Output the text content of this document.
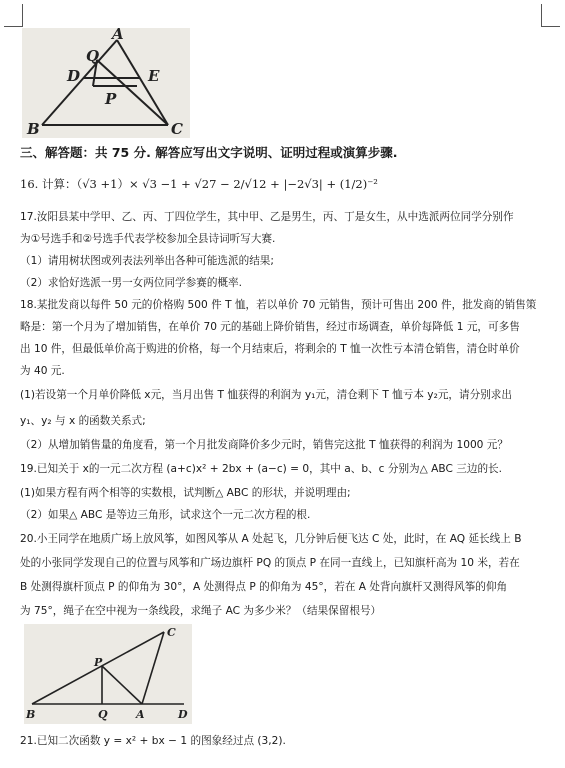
A
Q
D	E
P
B	C
三、解答题：共 75 分. 解答应写出文字说明、证明过程或演算步骤.
16. 计算：（√3 +1）× √3 −1 + √27 − 2/√12 + |−2√3| + (1/2)⁻²
17.汝阳县某中学甲、乙、丙、丁四位学生，其中甲、乙是男生，丙、丁是女生，从中选派两位同学分别作
为①号选手和②号选手代表学校参加全县诗词听写大赛.
（1）请用树状图或列表法列举出各种可能选派的结果;
（2）求恰好选派一男一女两位同学参赛的概率.
18.某批发商以每件 50 元的价格购 500 件 T 恤，若以单价 70 元销售，预计可售出 200 件，批发商的销售策
略是：第一个月为了增加销售，在单价 70 元的基础上降价销售，经过市场调查，单价每降低 1 元，可多售
出 10 件，但最低单价高于购进的价格，每一个月结束后，将剩余的 T 恤一次性亏本清仓销售，清仓时单价
为 40 元.
(1)若设第一个月单价降低 x元，当月出售 T 恤获得的利润为 y₁元，清仓剩下 T 恤亏本 y₂元，请分别求出
y₁、y₂ 与 x 的函数关系式;
（2）从增加销售量的角度看，第一个月批发商降价多少元时，销售完这批 T 恤获得的利润为 1000 元？
19.已知关于 x的一元二次方程 (a+c)x² + 2bx + (a−c) = 0，其中 a、b、c 分别为△ ABC 三边的长.
(1)如果方程有两个相等的实数根，试判断△ ABC 的形状，并说明理由;
（2）如果△ ABC 是等边三角形，试求这个一元二次方程的根.
20.小王同学在地质广场上放风筝，如图风筝从 A 处起飞，几分钟后便飞达 C 处，此时，在 AQ 延长线上 B
处的小张同学发现自己的位置与风筝和广场边旗杆 PQ 的顶点 P 在同一直线上，已知旗杆高为 10 米，若在
B 处测得旗杆顶点 P 的仰角为 30°，A 处测得点 P 的仰角为 45°，若在 A 处背向旗杆又测得风筝的仰角
为 75°，绳子在空中视为一条线段，求绳子 AC 为多少米？（结果保留根号）
C
P
B	Q	A	D
21.已知二次函数 y = x² + bx − 1 的图象经过点 (3,2).
